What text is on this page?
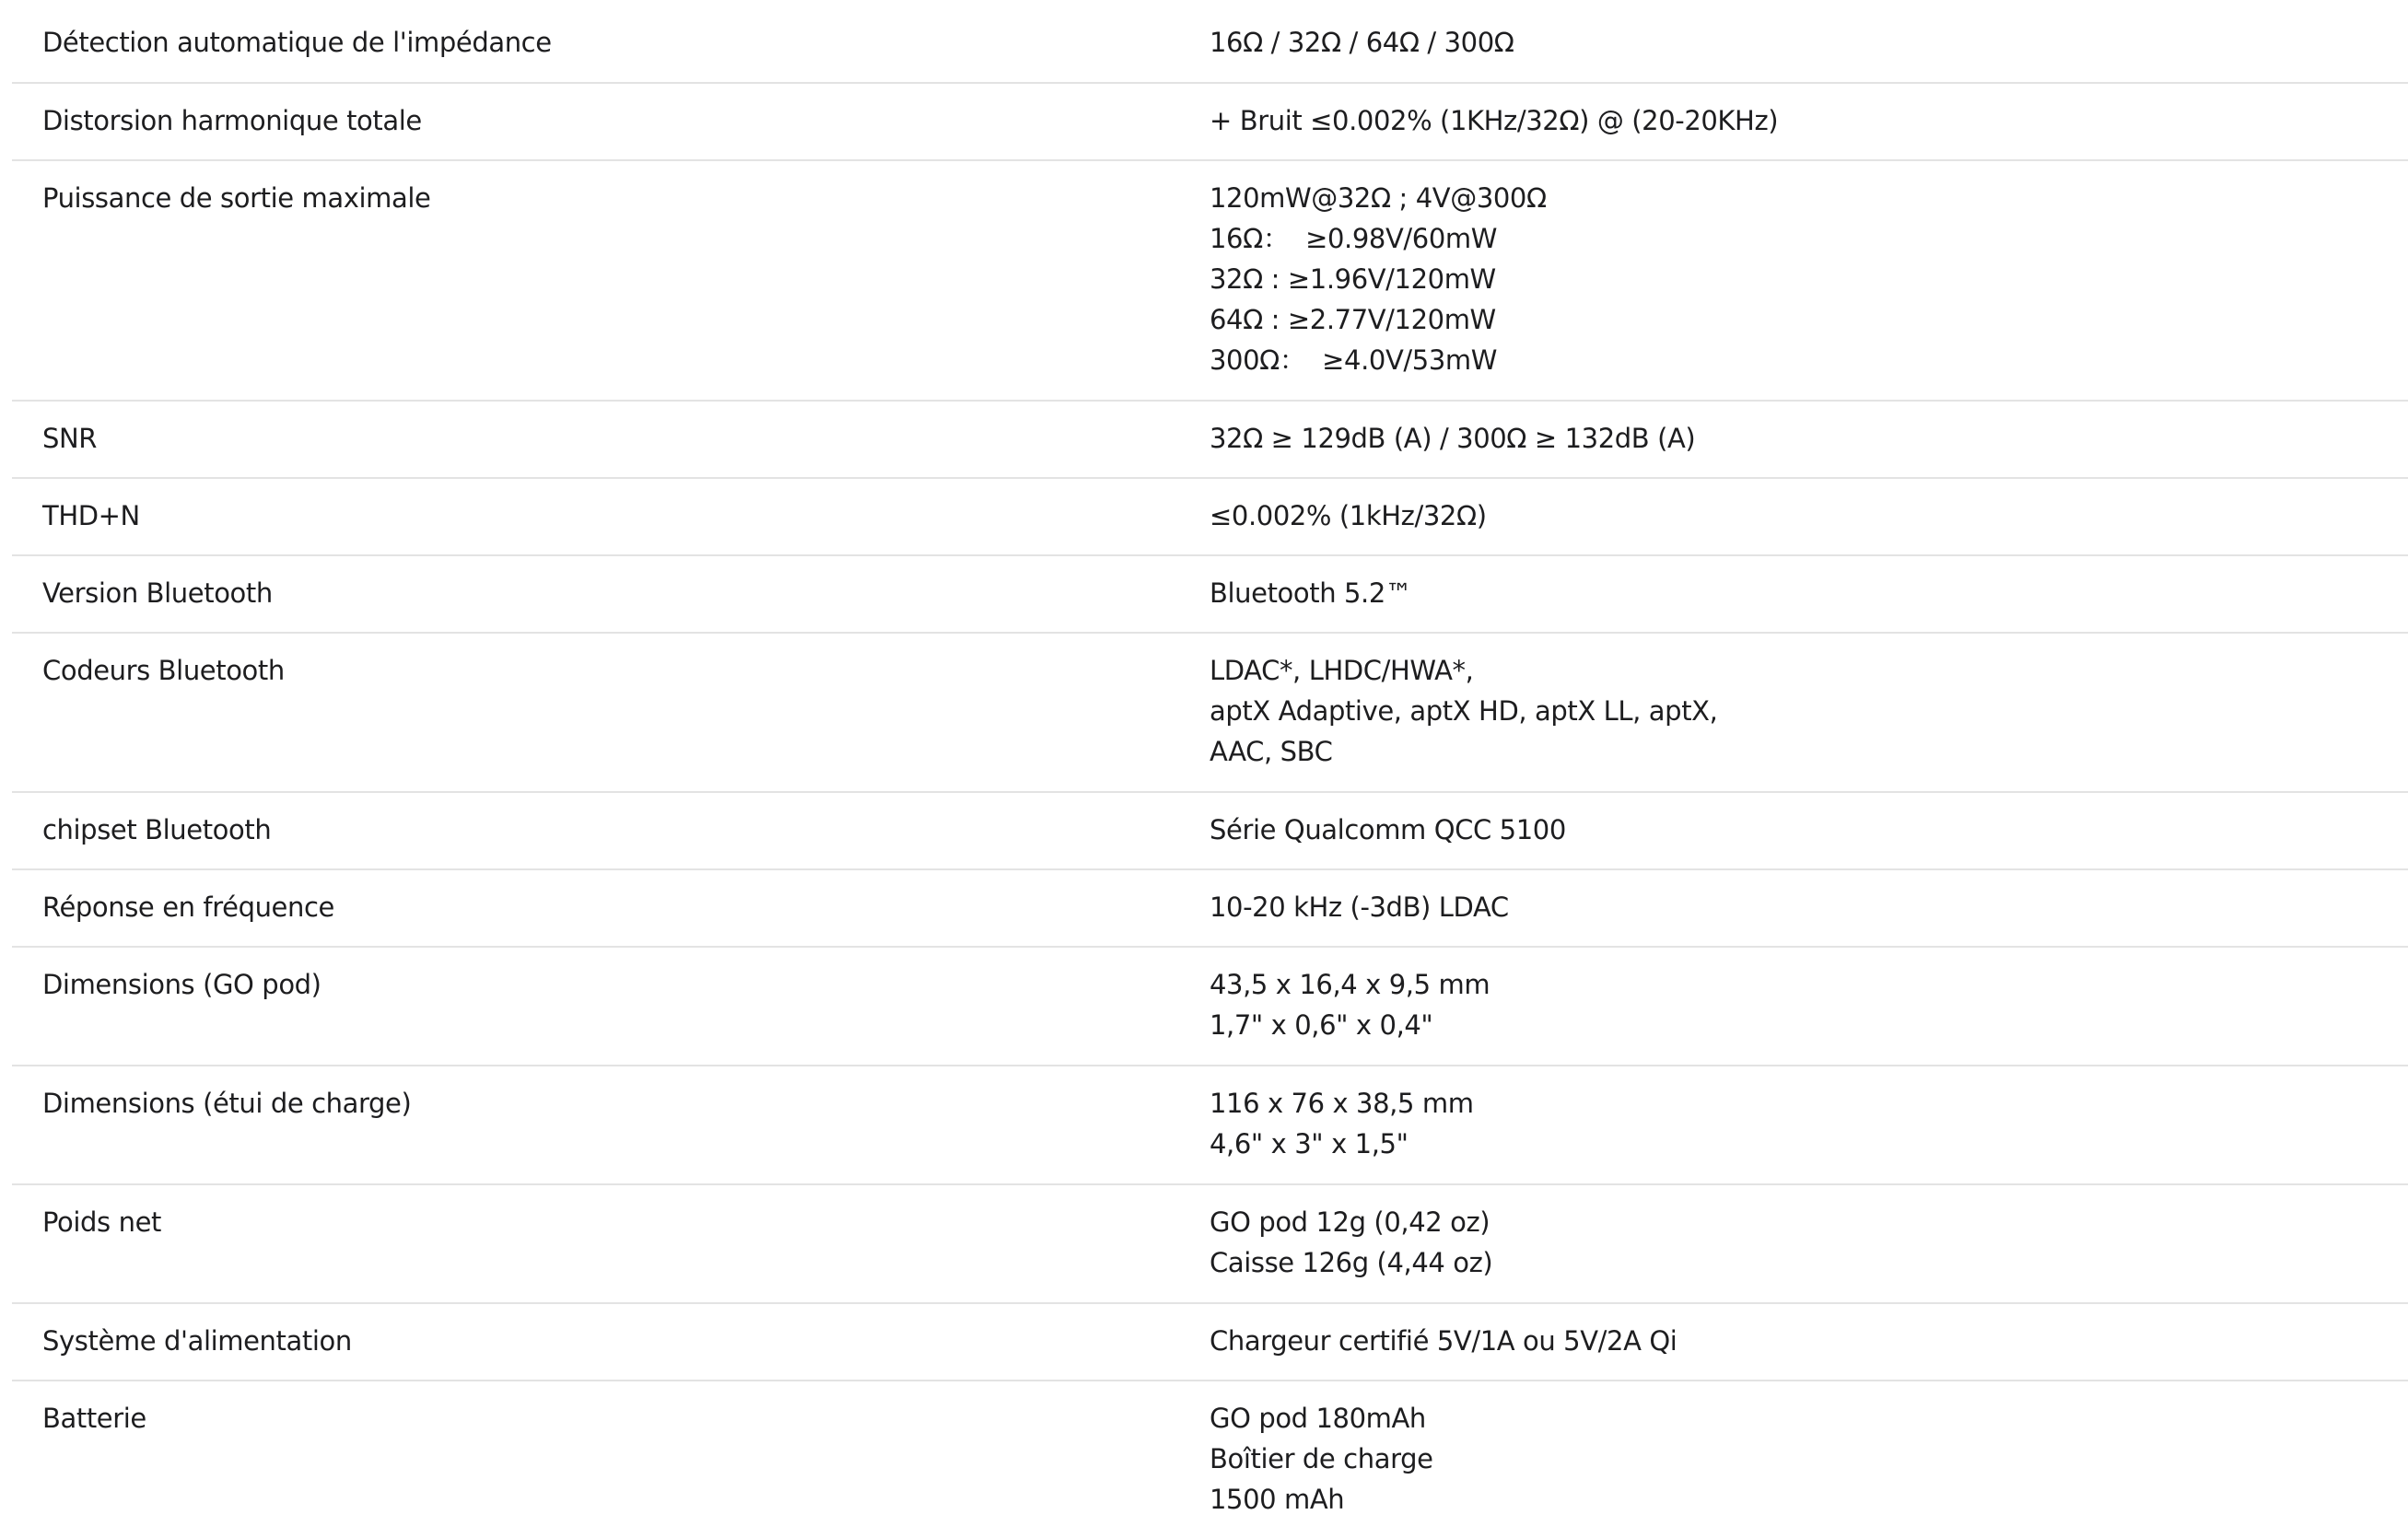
Détection automatique de l'impédance	16Ω / 32Ω / 64Ω / 300Ω
Distorsion harmonique totale	+ Bruit ≤0.002% (1KHz/32Ω) @ (20-20KHz)
Puissance de sortie maximale	120mW@32Ω ; 4V@300Ω
16Ω：  ≥0.98V/60mW
32Ω : ≥1.96V/120mW
64Ω : ≥2.77V/120mW
300Ω：  ≥4.0V/53mW
SNR	32Ω ≥ 129dB (A) / 300Ω ≥ 132dB (A)
THD+N	≤0.002% (1kHz/32Ω)
Version Bluetooth	Bluetooth 5.2™
Codeurs Bluetooth	LDAC*, LHDC/HWA*,
aptX Adaptive, aptX HD, aptX LL, aptX,
AAC, SBC
chipset Bluetooth	Série Qualcomm QCC 5100
Réponse en fréquence	10-20 kHz (-3dB) LDAC
Dimensions (GO pod)	43,5 x 16,4 x 9,5 mm
1,7" x 0,6" x 0,4"
Dimensions (étui de charge)	116 x 76 x 38,5 mm
4,6" x 3" x 1,5"
Poids net	GO pod 12g (0,42 oz)
Caisse 126g (4,44 oz)
Système d'alimentation	Chargeur certifié 5V/1A ou 5V/2A Qi
Batterie	GO pod 180mAh
Boîtier de charge
1500 mAh
